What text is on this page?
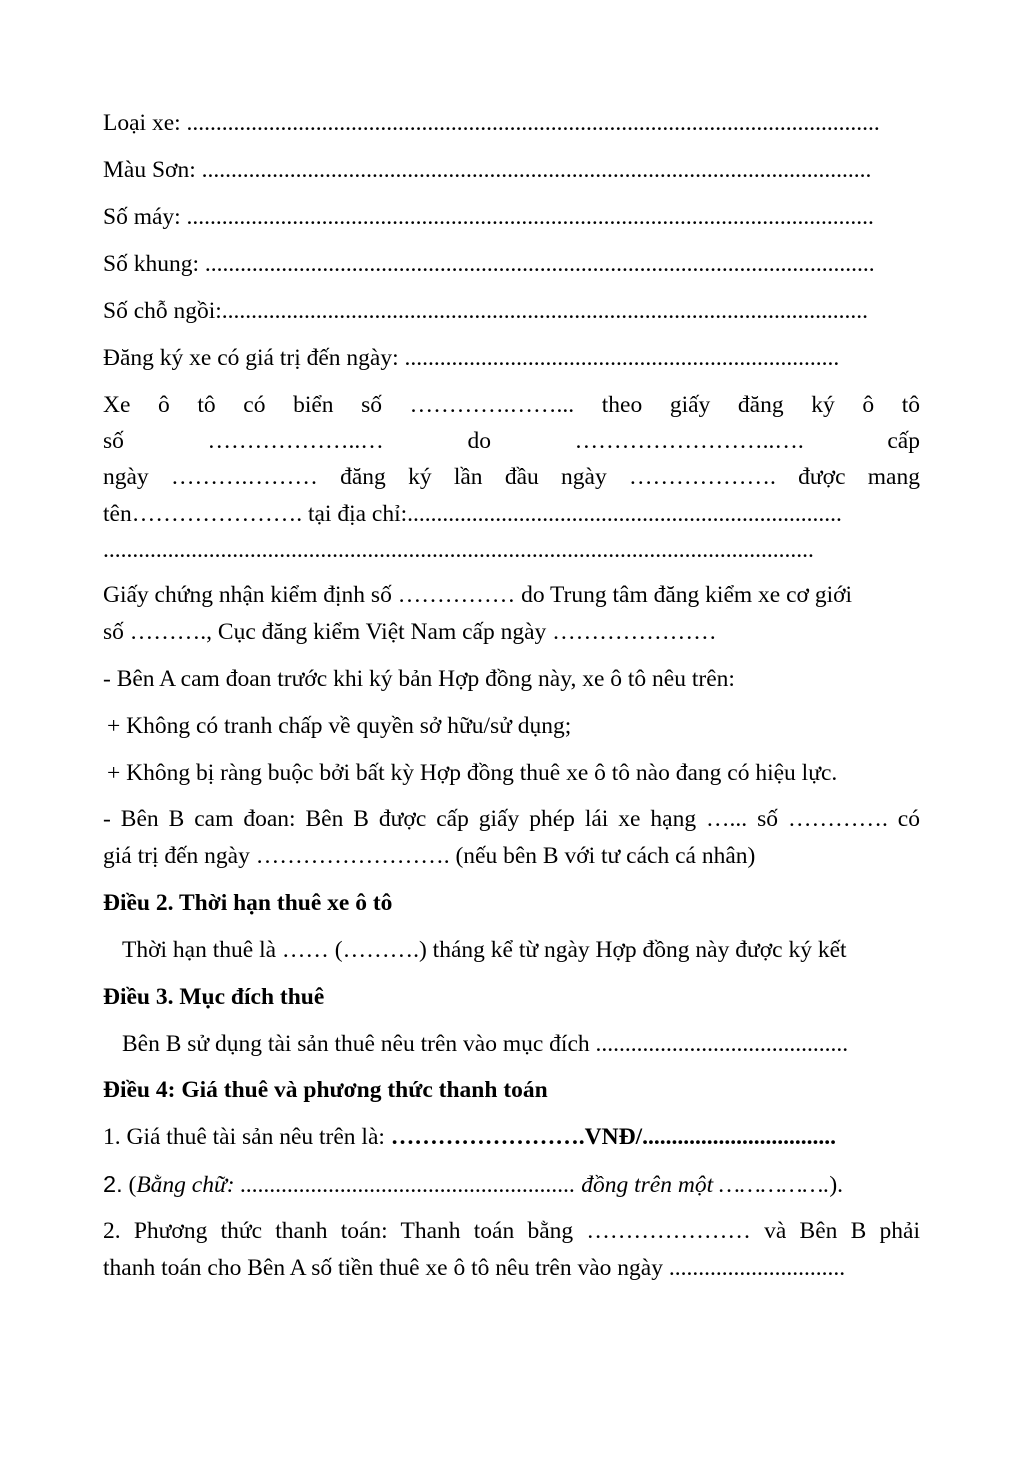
Loại xe: ......................................................................................................................

Màu Sơn: ..................................................................................................................

Số máy: .....................................................................................................................

Số khung: ..................................................................................................................

Số chỗ ngồi:..............................................................................................................

Đăng ký xe có giá trị đến ngày: ..........................................................................

Xe ô tô có biển số ………….……... theo giấy đăng ký ô tô

số ………………..… do ……………………..…. cấp

ngày ……….……… đăng ký lần đầu ngày ………………. được mang

tên…………………. tại địa chỉ:..........................................................................

.........................................................................................................................

Giấy chứng nhận kiểm định số …………… do Trung tâm đăng kiểm xe cơ giới

số ………., Cục đăng kiểm Việt Nam cấp ngày …………………

- Bên A cam đoan trước khi ký bản Hợp đồng này, xe ô tô nêu trên:

+ Không có tranh chấp về quyền sở hữu/sử dụng;

+ Không bị ràng buộc bởi bất kỳ Hợp đồng thuê xe ô tô nào đang có hiệu lực.

- Bên B cam đoan: Bên B được cấp giấy phép lái xe hạng …... số …………. có

giá trị đến ngày ……………………. (nếu bên B với tư cách cá nhân)

Điều 2. Thời hạn thuê xe ô tô

Thời hạn thuê là …… (……….) tháng kể từ ngày Hợp đồng này được ký kết

Điều 3. Mục đích thuê

Bên B sử dụng tài sản thuê nêu trên vào mục đích ...........................................

Điều 4: Giá thuê và phương thức thanh toán

1. Giá thuê tài sản nêu trên là: …………………….VNĐ/.................................

2. (Bằng chữ: ......................................................... đồng trên một …………….).

2. Phương thức thanh toán: Thanh toán bằng ………………… và Bên B phải

thanh toán cho Bên A số tiền thuê xe ô tô nêu trên vào ngày ..............................
